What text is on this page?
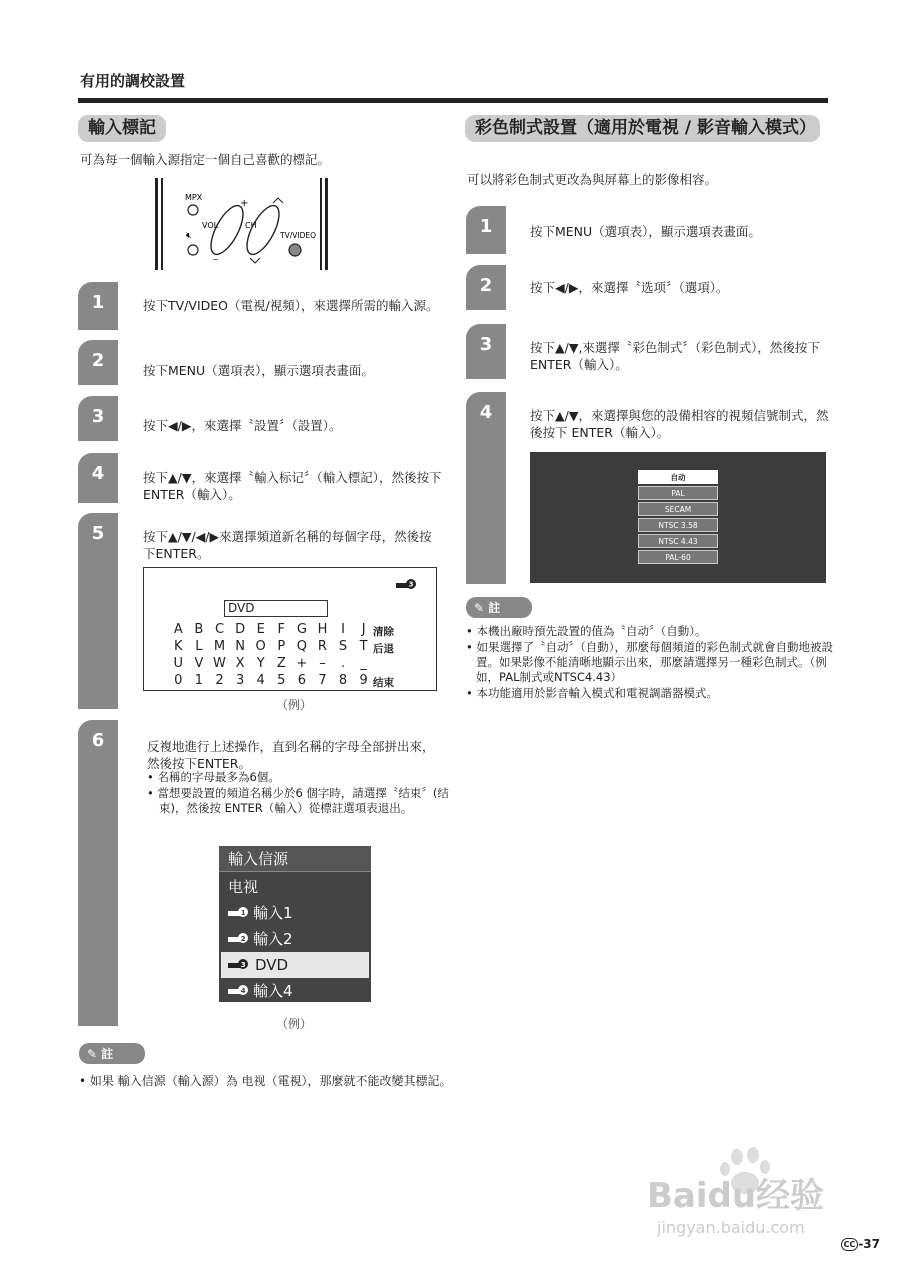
有用的調校設置
輸入標記
可為每一個輸入源指定一個自己喜歡的標記。
MPX
VOL
+
–
🔇︎
CH
TV/VIDEO
1	按下TV/VIDEO（電視/視頻），來選擇所需的輸入源。
2	按下MENU（選項表），顯示選項表畫面。
3	按下◀/▶，來選擇〝設置〞（設置）。
4	按下▲/▼，來選擇〝輸入标记〞（輸入標記），然後按下 ENTER（輸入）。
5	按下▲/▼/◀/▶來選擇頻道新名稱的每個字母，然後按下ENTER。
3
DVD
A B C D E F G H I J 清除
K L M N O P Q R S T 后退
U V W X Y Z + – . _
0 1 2 3 4 5 6 7 8 9 结束
（例）
6	反複地進行上述操作，直到名稱的字母全部拼出來，然後按下ENTER。
• 名稱的字母最多為6個。
• 當想要設置的頻道名稱少於6 個字時，請選擇〝结束〞(结束)，然後按 ENTER（輸入）從標註選項表退出。
輸入信源
电视
輸入1
輸入2
DVD
輸入4
1
2
3
4
（例）
✎ 註
• 如果 輸入信源（輸入源）為 电视（電視），那麼就不能改變其標記。
彩色制式設置（適用於電視 / 影音輸入模式）
可以將彩色制式更改為與屏幕上的影像相容。
1	按下MENU（選項表），顯示選項表畫面。
2	按下◀/▶，來選擇〝选项〞（選項）。
3	按下▲/▼,來選擇〝彩色制式〞（彩色制式），然後按下 ENTER（輸入）。
4	按下▲/▼，來選擇與您的設備相容的視頻信號制式，然後按下 ENTER（輸入）。
自动
PAL
SECAM
NTSC 3.58
NTSC 4.43
PAL-60
✎ 註
• 本機出廠時預先設置的值為〝自动〞（自動）。
• 如果選擇了〝自动〞（自動），那麼每個頻道的彩色制式就會自動地被設置。如果影像不能清晰地顯示出來，那麼請選擇另一種彩色制式。（例如，PAL制式或NTSC4.43）
• 本功能適用於影音輸入模式和電視調諧器模式。
Baidu经验
jingyan.baidu.com
CC -37
